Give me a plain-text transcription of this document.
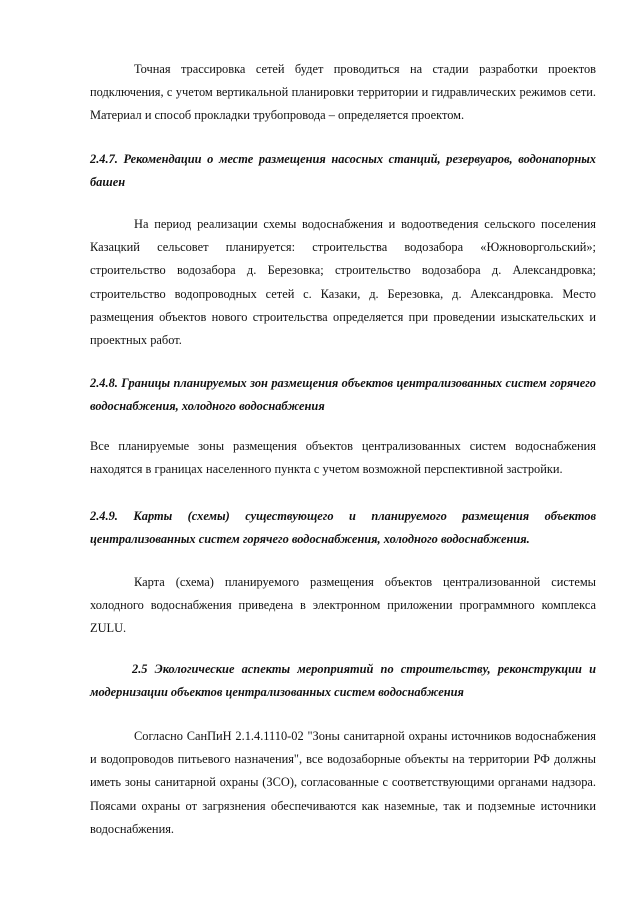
Точная трассировка сетей будет проводиться на стадии разработки проектов подключения, с учетом вертикальной планировки территории и гидравлических режимов сети. Материал и способ прокладки трубопровода – определяется проектом.

2.4.7. Рекомендации о месте размещения насосных станций, резервуаров, водонапорных башен

На период реализации схемы водоснабжения и водоотведения сельского поселения Казацкий сельсовет планируется: строительства водозабора «Южноворгольский»; строительство водозабора д. Березовка; строительство водозабора д. Александровка; строительство водопроводных сетей с. Казаки, д. Березовка, д. Александровка. Место размещения объектов нового строительства определяется при проведении изыскательских и проектных работ.

2.4.8. Границы планируемых зон размещения объектов централизованных систем горячего водоснабжения, холодного водоснабжения

Все планируемые зоны размещения объектов централизованных систем водоснабжения находятся в границах населенного пункта с учетом возможной перспективной застройки.

2.4.9. Карты (схемы) существующего и планируемого размещения объектов централизованных систем горячего водоснабжения, холодного водоснабжения.

Карта (схема) планируемого размещения объектов централизованной системы холодного водоснабжения приведена в электронном приложении программного комплекса ZULU.

2.5 Экологические аспекты мероприятий по строительству, реконструкции и модернизации объектов централизованных систем водоснабжения

Согласно СанПиН 2.1.4.1110-02 "Зоны санитарной охраны источников водоснабжения и водопроводов питьевого назначения", все водозаборные объекты на территории РФ должны иметь зоны санитарной охраны (ЗСО), согласованные с соответствующими органами надзора. Поясами охраны от загрязнения обеспечиваются как наземные, так и подземные источники водоснабжения.
